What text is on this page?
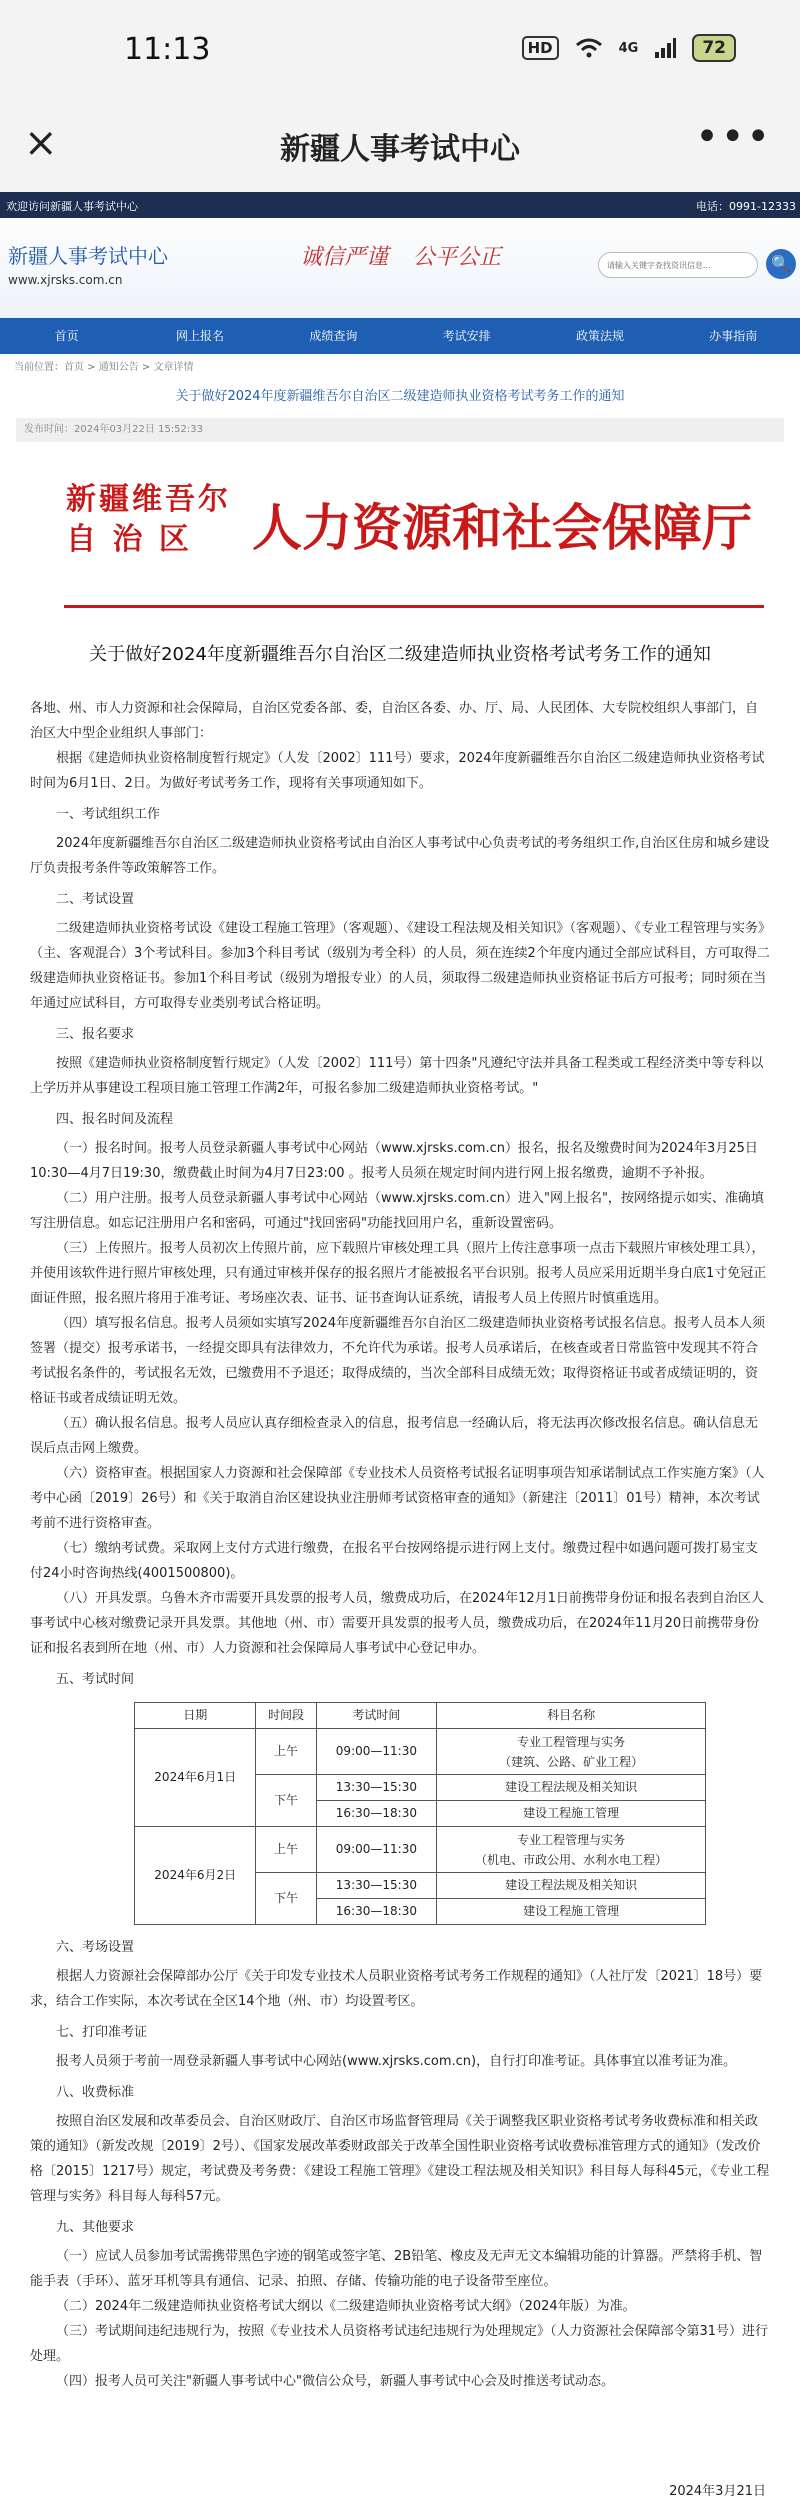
11:13	HD	4G	72
×	新疆人事考试中心	•••
欢迎访问新疆人事考试中心	电话：0991-12333
新疆人事考试中心
www.xjrsks.com.cn
诚信严谨 公平公正	请输入关键字查找资讯信息...	🔍
首页	网上报名	成绩查询	考试安排	政策法规	办事指南
当前位置：首页 > 通知公告 > 文章详情
关于做好2024年度新疆维吾尔自治区二级建造师执业资格考试考务工作的通知
发布时间：2024年03月22日 15:52:33
新疆维吾尔
自 治 区	人力资源和社会保障厅
关于做好2024年度新疆维吾尔自治区二级建造师执业资格考试考务工作的通知

各地、州、市人力资源和社会保障局，自治区党委各部、委，自治区各委、办、厅、局、人民团体、大专院校组织人事部门，自治区大中型企业组织人事部门：

根据《建造师执业资格制度暂行规定》（人发〔2002〕111号）要求，2024年度新疆维吾尔自治区二级建造师执业资格考试时间为6月1日、2日。为做好考试考务工作，现将有关事项通知如下。

一、考试组织工作

2024年度新疆维吾尔自治区二级建造师执业资格考试由自治区人事考试中心负责考试的考务组织工作,自治区住房和城乡建设厅负责报考条件等政策解答工作。

二、考试设置

二级建造师执业资格考试设《建设工程施工管理》（客观题）、《建设工程法规及相关知识》（客观题）、《专业工程管理与实务》（主、客观混合）3个考试科目。参加3个科目考试（级别为考全科）的人员，须在连续2个年度内通过全部应试科目，方可取得二级建造师执业资格证书。参加1个科目考试（级别为增报专业）的人员，须取得二级建造师执业资格证书后方可报考；同时须在当年通过应试科目，方可取得专业类别考试合格证明。

三、报名要求

按照《建造师执业资格制度暂行规定》（人发〔2002〕111号）第十四条"凡遵纪守法并具备工程类或工程经济类中等专科以上学历并从事建设工程项目施工管理工作满2年，可报名参加二级建造师执业资格考试。"

四、报名时间及流程

（一）报名时间。报考人员登录新疆人事考试中心网站（www.xjrsks.com.cn）报名，报名及缴费时间为2024年3月25日10:30—4月7日19:30，缴费截止时间为4月7日23:00 。报考人员须在规定时间内进行网上报名缴费，逾期不予补报。

（二）用户注册。报考人员登录新疆人事考试中心网站（www.xjrsks.com.cn）进入"网上报名"，按网络提示如实、准确填写注册信息。如忘记注册用户名和密码，可通过"找回密码"功能找回用户名，重新设置密码。

（三）上传照片。报考人员初次上传照片前，应下载照片审核处理工具（照片上传注意事项一点击下载照片审核处理工具），并使用该软件进行照片审核处理，只有通过审核并保存的报名照片才能被报名平台识别。报考人员应采用近期半身白底1寸免冠正面证件照，报名照片将用于准考证、考场座次表、证书、证书查询认证系统，请报考人员上传照片时慎重选用。

（四）填写报名信息。报考人员须如实填写2024年度新疆维吾尔自治区二级建造师执业资格考试报名信息。报考人员本人须签署（提交）报考承诺书，一经提交即具有法律效力，不允许代为承诺。报考人员承诺后，在核查或者日常监管中发现其不符合考试报名条件的，考试报名无效，已缴费用不予退还；取得成绩的，当次全部科目成绩无效；取得资格证书或者成绩证明的，资格证书或者成绩证明无效。

（五）确认报名信息。报考人员应认真存细检查录入的信息，报考信息一经确认后，将无法再次修改报名信息。确认信息无误后点击网上缴费。

（六）资格审查。根据国家人力资源和社会保障部《专业技术人员资格考试报名证明事项告知承诺制试点工作实施方案》（人考中心函〔2019〕26号）和《关于取消自治区建设执业注册师考试资格审查的通知》（新建注〔2011〕01号）精神，本次考试考前不进行资格审查。

（七）缴纳考试费。采取网上支付方式进行缴费，在报名平台按网络提示进行网上支付。缴费过程中如遇问题可拨打易宝支付24小时咨询热线(4001500800)。

（八）开具发票。乌鲁木齐市需要开具发票的报考人员，缴费成功后，在2024年12月1日前携带身份证和报名表到自治区人事考试中心核对缴费记录开具发票。其他地（州、市）需要开具发票的报考人员，缴费成功后，在2024年11月20日前携带身份证和报名表到所在地（州、市）人力资源和社会保障局人事考试中心登记申办。

五、考试时间

日期	时间段	考试时间	科目名称
2024年6月1日	上午	09:00—11:30	专业工程管理与实务
（建筑、公路、矿业工程）

	下午	13:30—15:30	建设工程法规及相关知识
		16:30—18:30	建设工程施工管理
2024年6月2日	上午	09:00—11:30	专业工程管理与实务
（机电、市政公用、水利水电工程）

	下午	13:30—15:30	建设工程法规及相关知识
		16:30—18:30	建设工程施工管理

六、考场设置

根据人力资源社会保障部办公厅《关于印发专业技术人员职业资格考试考务工作规程的通知》（人社厅发〔2021〕18号）要求，结合工作实际，本次考试在全区14个地（州、市）均设置考区。

七、打印准考证

报考人员须于考前一周登录新疆人事考试中心网站(www.xjrsks.com.cn)，自行打印准考证。具体事宜以准考证为准。

八、收费标准

按照自治区发展和改革委员会、自治区财政厅、自治区市场监督管理局《关于调整我区职业资格考试考务收费标准和相关政策的通知》（新发改规〔2019〕2号）、《国家发展改革委财政部关于改革全国性职业资格考试收费标准管理方式的通知》（发改价格〔2015〕1217号）规定，考试费及考务费：《建设工程施工管理》《建设工程法规及相关知识》科目每人每科45元，《专业工程管理与实务》科目每人每科57元。

九、其他要求

（一）应试人员参加考试需携带黑色字迹的钢笔或签字笔、2B铅笔、橡皮及无声无文本编辑功能的计算器。严禁将手机、智能手表（手环）、蓝牙耳机等具有通信、记录、拍照、存储、传输功能的电子设备带至座位。

（二）2024年二级建造师执业资格考试大纲以《二级建造师执业资格考试大纲》（2024年版）为准。

（三）考试期间违纪违规行为，按照《专业技术人员资格考试违纪违规行为处理规定》（人力资源社会保障部令第31号）进行处理。

（四）报考人员可关注"新疆人事考试中心"微信公众号，新疆人事考试中心会及时推送考试动态。

2024年3月21日
